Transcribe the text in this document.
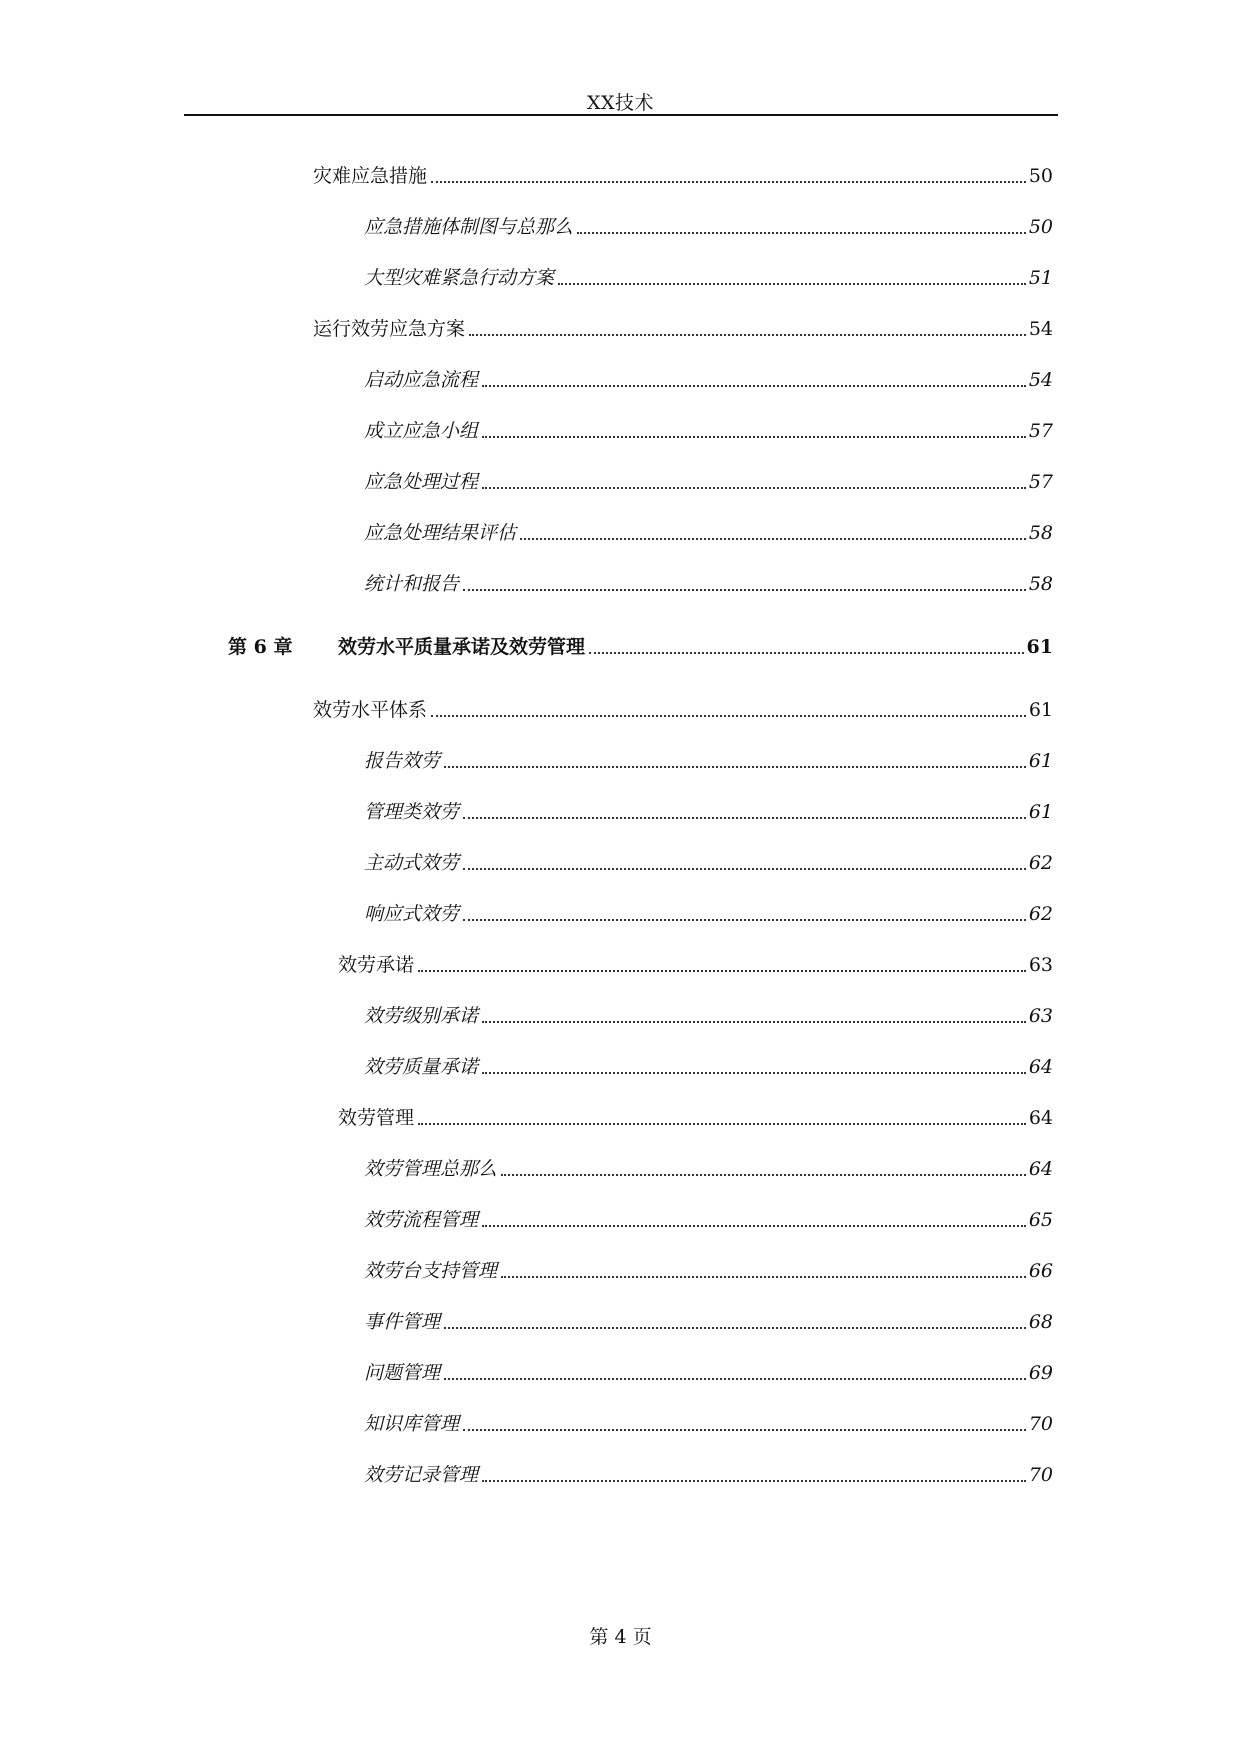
XX技术
灾难应急措施	50
应急措施体制图与总那么	50
大型灾难紧急行动方案	51
运行效劳应急方案	54
启动应急流程	54
成立应急小组	57
应急处理过程	57
应急处理结果评估	58
统计和报告	58
第 6 章 效劳水平质量承诺及效劳管理	61
效劳水平体系	61
报告效劳	61
管理类效劳	61
主动式效劳	62
响应式效劳	62
效劳承诺	63
效劳级别承诺	63
效劳质量承诺	64
效劳管理	64
效劳管理总那么	64
效劳流程管理	65
效劳台支持管理	66
事件管理	68
问题管理	69
知识库管理	70
效劳记录管理	70
第 4 页
